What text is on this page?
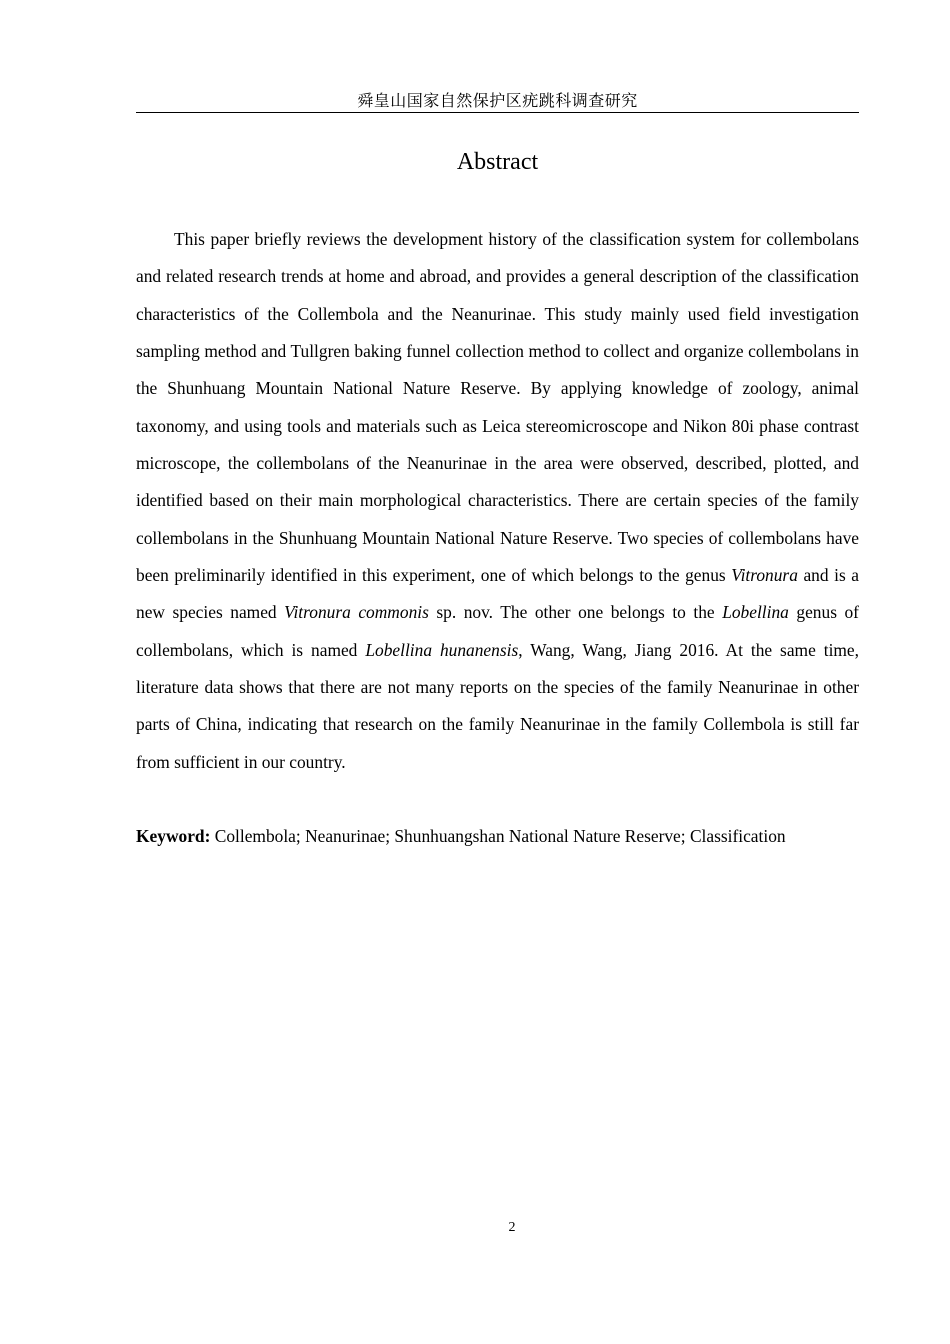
舜皇山国家自然保护区疣跳科调查研究
Abstract

This paper briefly reviews the development history of the classification system for collembolans and related research trends at home and abroad, and provides a general description of the classification characteristics of the Collembola and the Neanurinae. This study mainly used field investigation sampling method and Tullgren baking funnel collection method to collect and organize collembolans in the Shunhuang Mountain National Nature Reserve. By applying knowledge of zoology, animal taxonomy, and using tools and materials such as Leica stereomicroscope and Nikon 80i phase contrast microscope, the collembolans of the Neanurinae in the area were observed, described, plotted, and identified based on their main morphological characteristics. There are certain species of the family collembolans in the Shunhuang Mountain National Nature Reserve. Two species of collembolans have been preliminarily identified in this experiment, one of which belongs to the genus Vitronura and is a new species named Vitronura commonis sp. nov. The other one belongs to the Lobellina genus of collembolans, which is named Lobellina hunanensis, Wang, Wang, Jiang 2016. At the same time, literature data shows that there are not many reports on the species of the family Neanurinae in other parts of China, indicating that research on the family Neanurinae in the family Collembola is still far from sufficient in our country.

Keyword: Collembola; Neanurinae; Shunhuangshan National Nature Reserve; Classification
2
